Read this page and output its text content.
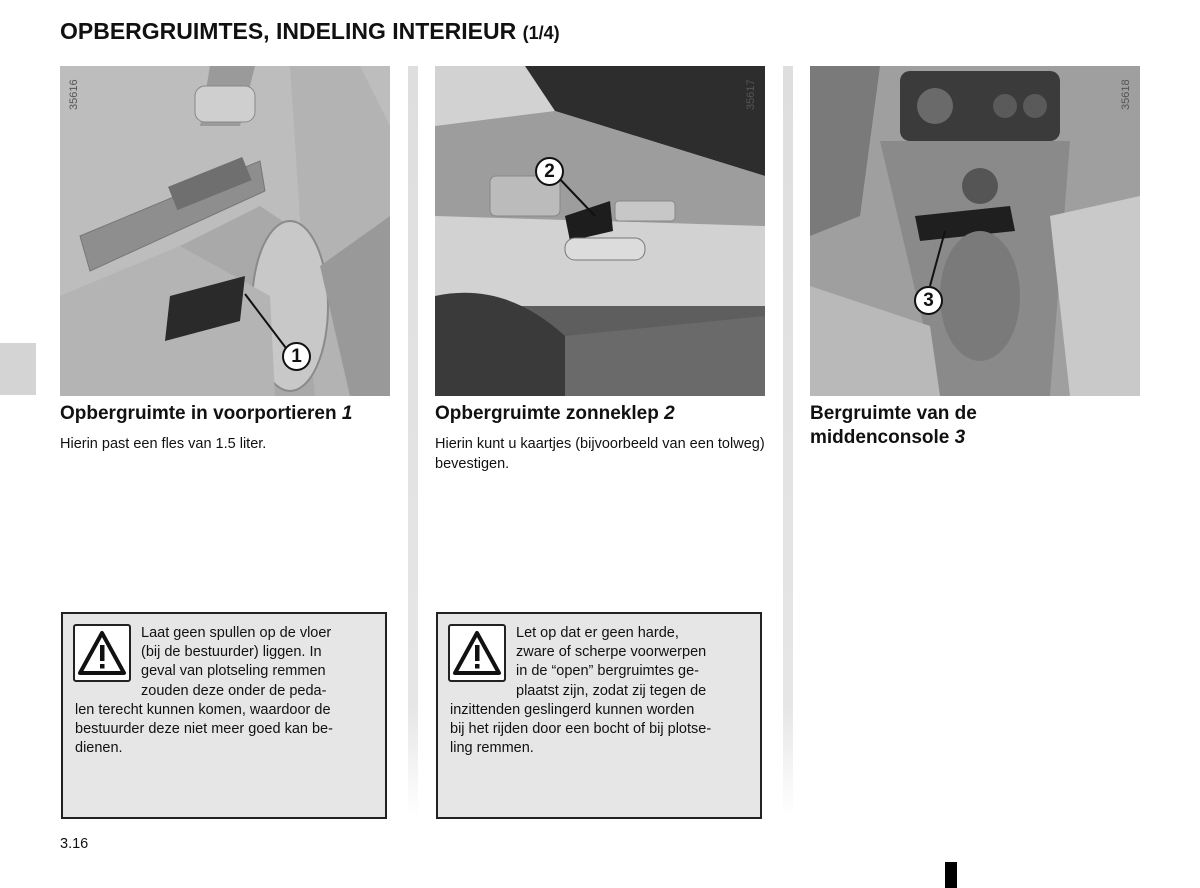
OPBERGRUIMTES, INDELING INTERIEUR (1/4)
1
35616
2
35617
3
35618
Opbergruimte in voorportieren 1
Hierin past een fles van 1.5 liter.
Opbergruimte zonneklep 2
Hierin kunt u kaartjes (bijvoorbeeld van een tolweg) bevestigen.
Bergruimte van de
middenconsole 3
Laat geen spullen op de vloer
(bij de bestuurder) liggen. In
geval van plotseling remmen
zouden deze onder de peda-
len terecht kunnen komen, waardoor de
bestuurder deze niet meer goed kan be-
dienen.
Let op dat er geen harde,
zware of scherpe voorwerpen
in de “open” bergruimtes ge-
plaatst zijn, zodat zij tegen de
inzittenden geslingerd kunnen worden
bij het rijden door een bocht of bij plotse-
ling remmen.
3.16
